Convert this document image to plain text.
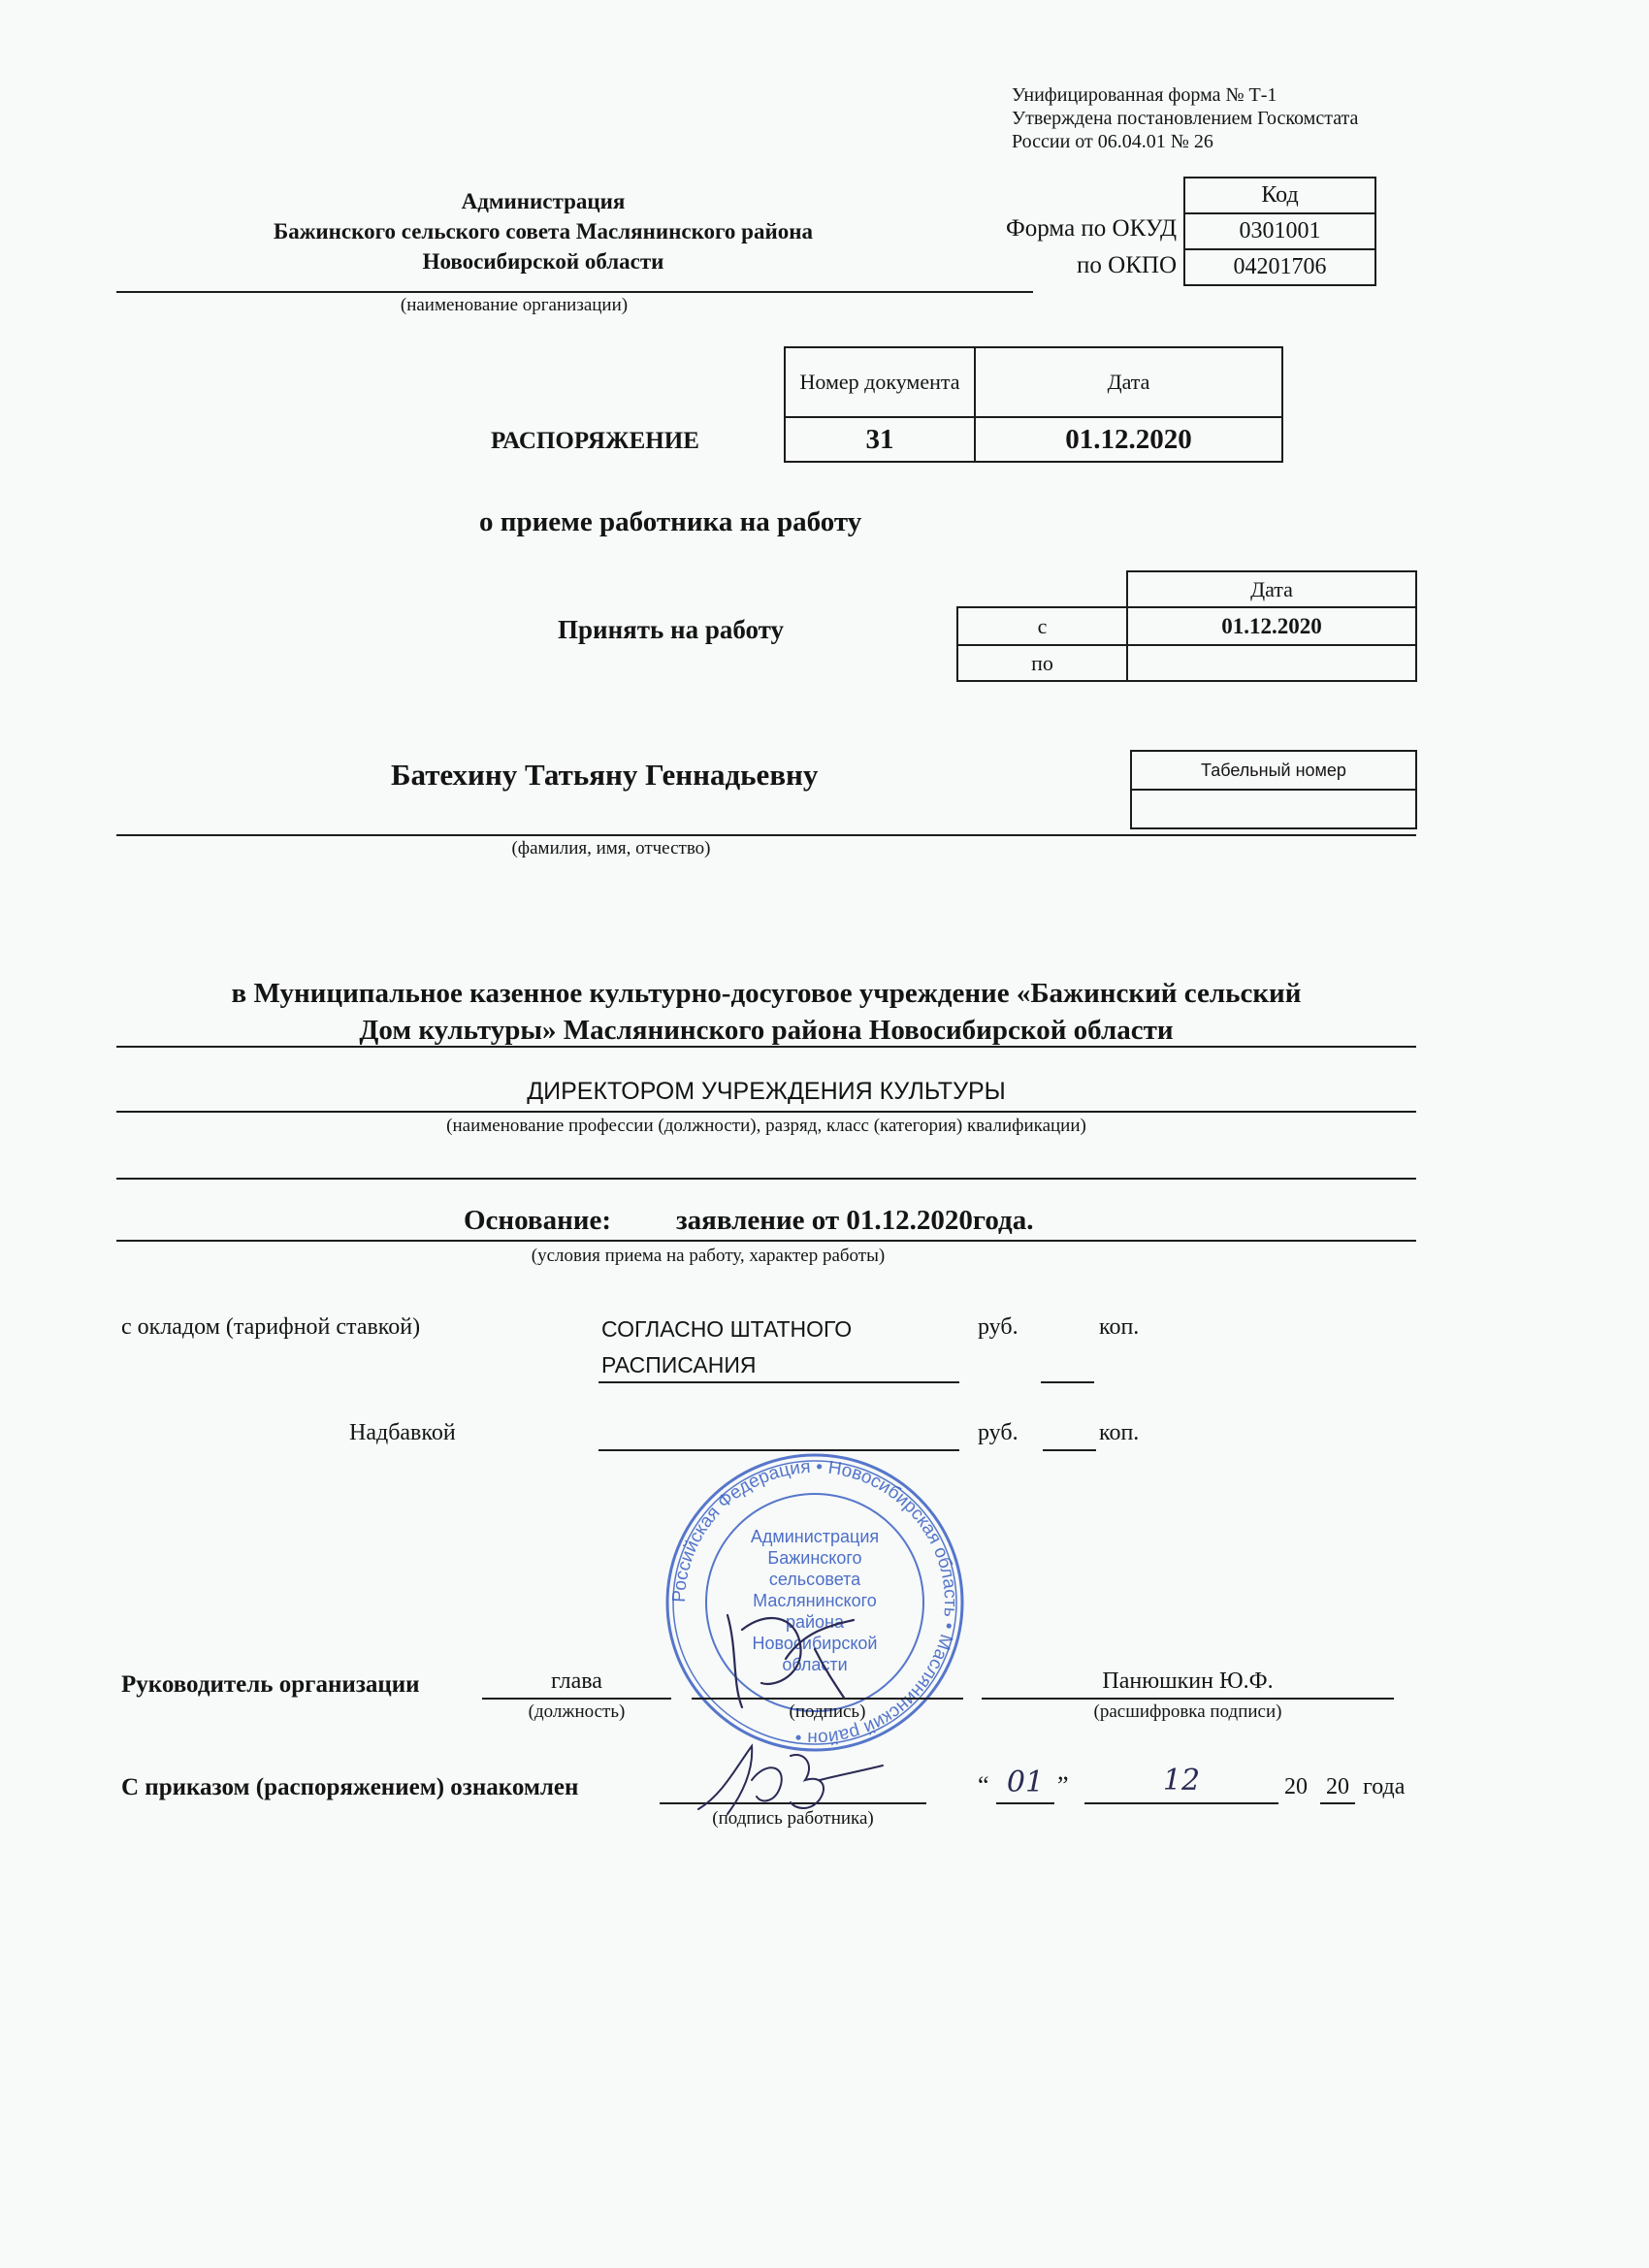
Унифицированная форма № Т-1
Утверждена постановлением Госкомстата
России от 06.04.01 № 26
Администрация
Бажинского сельского совета Маслянинского района
Новосибирской области
(наименование организации)
Форма по ОКУД
по ОКПО
Код
0301001
04201706
Номер документа	Дата
31	01.12.2020
РАСПОРЯЖЕНИЕ
о приеме работника на работу
Принять на работу
	Дата
с	01.12.2020
по	
Батехину Татьяну Геннадьевну	Табельный номер

(фамилия, имя, отчество)
в Муниципальное казенное культурно-досуговое учреждение «Бажинский сельский
Дом культуры» Маслянинского района Новосибирской области
ДИРЕКТОРОМ УЧРЕЖДЕНИЯ КУЛЬТУРЫ
(наименование профессии (должности), разряд, класс (категория) квалификации)
Основание: заявление от 01.12.2020года.
(условия приема на работу, характер работы)
с окладом (тарифной ставкой)	СОГЛАСНО ШТАТНОГО
РАСПИСАНИЯ
руб.	коп.
Надбавкой	руб.	коп.
Российская Федерация • Новосибирская область • Маслянинский район •
Администрация
Бажинского
сельсовета
Маслянинского
района
Новосибирской
области
Руководитель организации	глава
(должность)	(подпись)
Панюшкин Ю.Ф.
(расшифровка подписи)
С приказом (распоряжением) ознакомлен
(подпись работника)
“ 01 ”	12	20 20 года
